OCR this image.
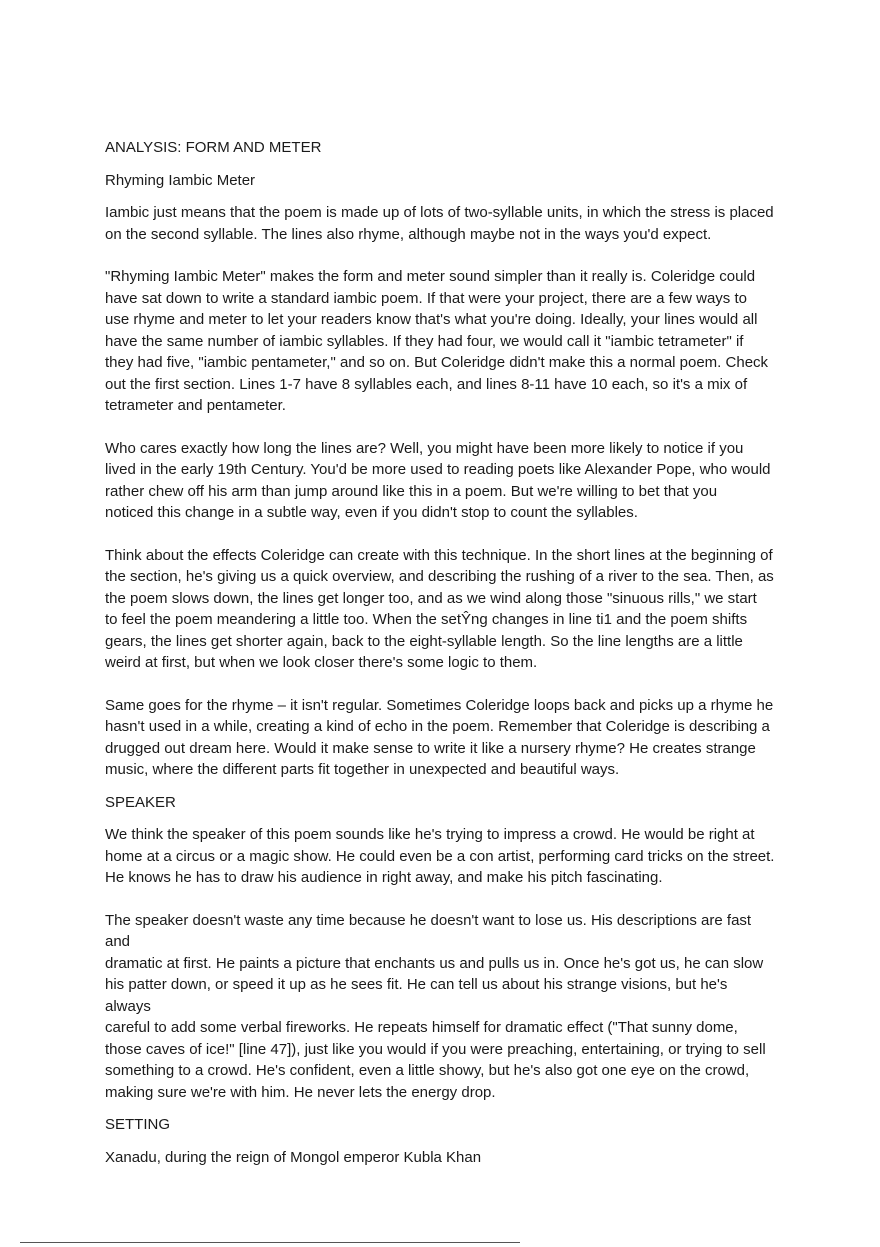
ANALYSIS: FORM AND METER

Rhyming Iambic Meter

Iambic just means that the poem is made up of lots of two-syllable units, in which the stress is placed
on the second syllable. The lines also rhyme, although maybe not in the ways you'd expect.

"Rhyming Iambic Meter" makes the form and meter sound simpler than it really is. Coleridge could
have sat down to write a standard iambic poem. If that were your project, there are a few ways to
use rhyme and meter to let your readers know that's what you're doing. Ideally, your lines would all
have the same number of iambic syllables. If they had four, we would call it "iambic tetrameter" if
they had five, "iambic pentameter," and so on. But Coleridge didn't make this a normal poem. Check
out the first section. Lines 1-7 have 8 syllables each, and lines 8-11 have 10 each, so it's a mix of
tetrameter and pentameter.

Who cares exactly how long the lines are? Well, you might have been more likely to notice if you
lived in the early 19th Century. You'd be more used to reading poets like Alexander Pope, who would
rather chew off his arm than jump around like this in a poem. But we're willing to bet that you
noticed this change in a subtle way, even if you didn't stop to count the syllables.

Think about the effects Coleridge can create with this technique. In the short lines at the beginning of
the section, he's giving us a quick overview, and describing the rushing of a river to the sea. Then, as
the poem slows down, the lines get longer too, and as we wind along those "sinuous rills," we start
to feel the poem meandering a little too. When the setŶng changes in line ti1 and the poem shifts
gears, the lines get shorter again, back to the eight-syllable length. So the line lengths are a little
weird at first, but when we look closer there's some logic to them.

Same goes for the rhyme – it isn't regular. Sometimes Coleridge loops back and picks up a rhyme he
hasn't used in a while, creating a kind of echo in the poem. Remember that Coleridge is describing a
drugged out dream here. Would it make sense to write it like a nursery rhyme? He creates strange
music, where the different parts fit together in unexpected and beautiful ways.

SPEAKER

We think the speaker of this poem sounds like he's trying to impress a crowd. He would be right at
home at a circus or a magic show. He could even be a con artist, performing card tricks on the street.
He knows he has to draw his audience in right away, and make his pitch fascinating.

The speaker doesn't waste any time because he doesn't want to lose us. His descriptions are fast and
dramatic at first. He paints a picture that enchants us and pulls us in. Once he's got us, he can slow
his patter down, or speed it up as he sees fit. He can tell us about his strange visions, but he's always
careful to add some verbal fireworks. He repeats himself for dramatic effect ("That sunny dome,
those caves of ice!" [line 47]), just like you would if you were preaching, entertaining, or trying to sell
something to a crowd. He's confident, even a little showy, but he's also got one eye on the crowd,
making sure we're with him. He never lets the energy drop.

SETTING

Xanadu, during the reign of Mongol emperor Kubla Khan
